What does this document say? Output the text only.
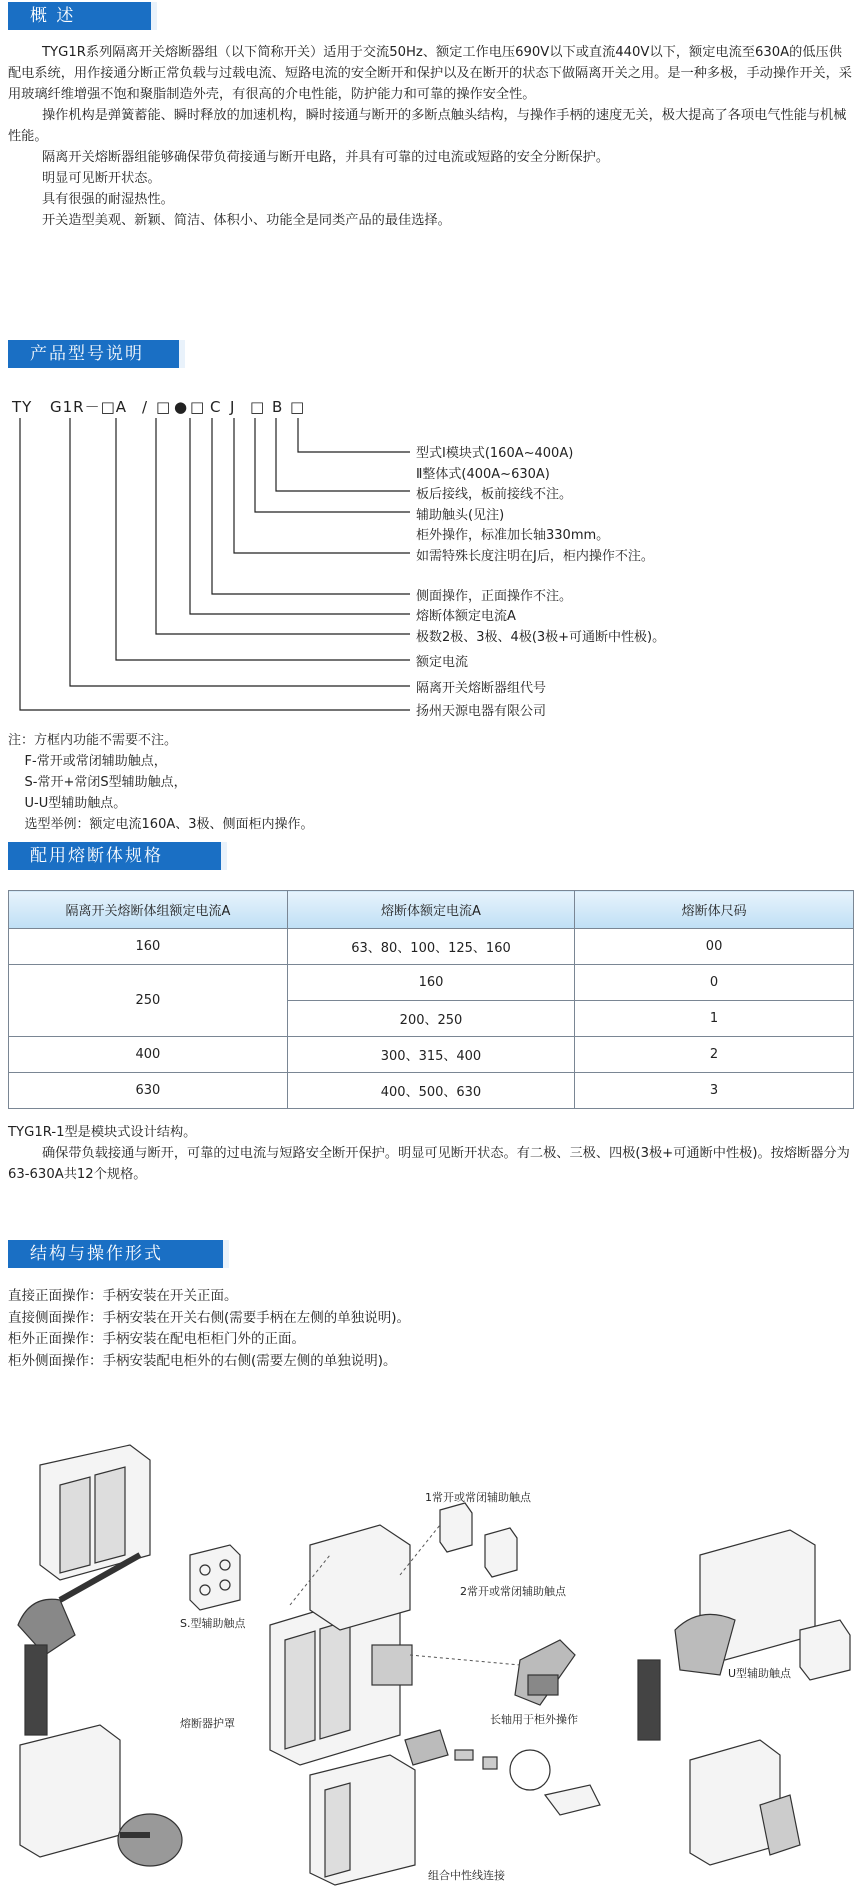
概 述

TYG1R系列隔离开关熔断器组（以下简称开关）适用于交流50Hz、额定工作电压690V以下或直流440V以下，额定电流至630A的低压供配电系统，用作接通分断正常负载与过载电流、短路电流的安全断开和保护以及在断开的状态下做隔离开关之用。是一种多极，手动操作开关，采用玻璃纤维增强不饱和聚脂制造外壳，有很高的介电性能，防护能力和可靠的操作安全性。

操作机构是弹簧蓄能、瞬时释放的加速机构，瞬时接通与断开的多断点触头结构，与操作手柄的速度无关，极大提高了各项电气性能与机械性能。

隔离开关熔断器组能够确保带负荷接通与断开电路，并具有可靠的过电流或短路的安全分断保护。

明显可见断开状态。

具有很强的耐湿热性。

开关造型美观、新颖、简洁、体积小、功能全是同类产品的最佳选择。

产品型号说明
TY G1R－□A / □ ● □ C J □ B □
型式Ⅰ模块式(160A~400A)
Ⅱ整体式(400A~630A)
板后接线，板前接线不注。
辅助触头(见注)
柜外操作，标准加长轴330mm。
如需特殊长度注明在J后，柜内操作不注。
侧面操作，正面操作不注。
熔断体额定电流A
极数2极、3极、4极(3极+可通断中性极)。
额定电流
隔离开关熔断器组代号
扬州天源电器有限公司
注：方框内功能不需要不注。
F-常开或常闭辅助触点，
S-常开+常闭S型辅助触点，
U-U型辅助触点。
选型举例：额定电流160A、3极、侧面柜内操作。
配用熔断体规格
隔离开关熔断体组额定电流A	熔断体额定电流A	熔断体尺码
160	63、80、100、125、160	00
250	160	0
	200、250	1
400	300、315、400	2
630	400、500、630	3

TYG1R-1型是模块式设计结构。

确保带负载接通与断开，可靠的过电流与短路安全断开保护。明显可见断开状态。有二极、三极、四极(3极+可通断中性极)。按熔断器分为63-630A共12个规格。

结构与操作形式
直接正面操作：手柄安装在开关正面。
直接侧面操作：手柄安装在开关右侧(需要手柄在左侧的单独说明)。
柜外正面操作：手柄安装在配电柜柜门外的正面。
柜外侧面操作：手柄安装配电柜外的右侧(需要左侧的单独说明)。
1常开或常闭辅助触点
2常开或常闭辅助触点
S.型辅助触点
U型辅助触点
熔断器护罩	长轴用于柜外操作
组合中性线连接
